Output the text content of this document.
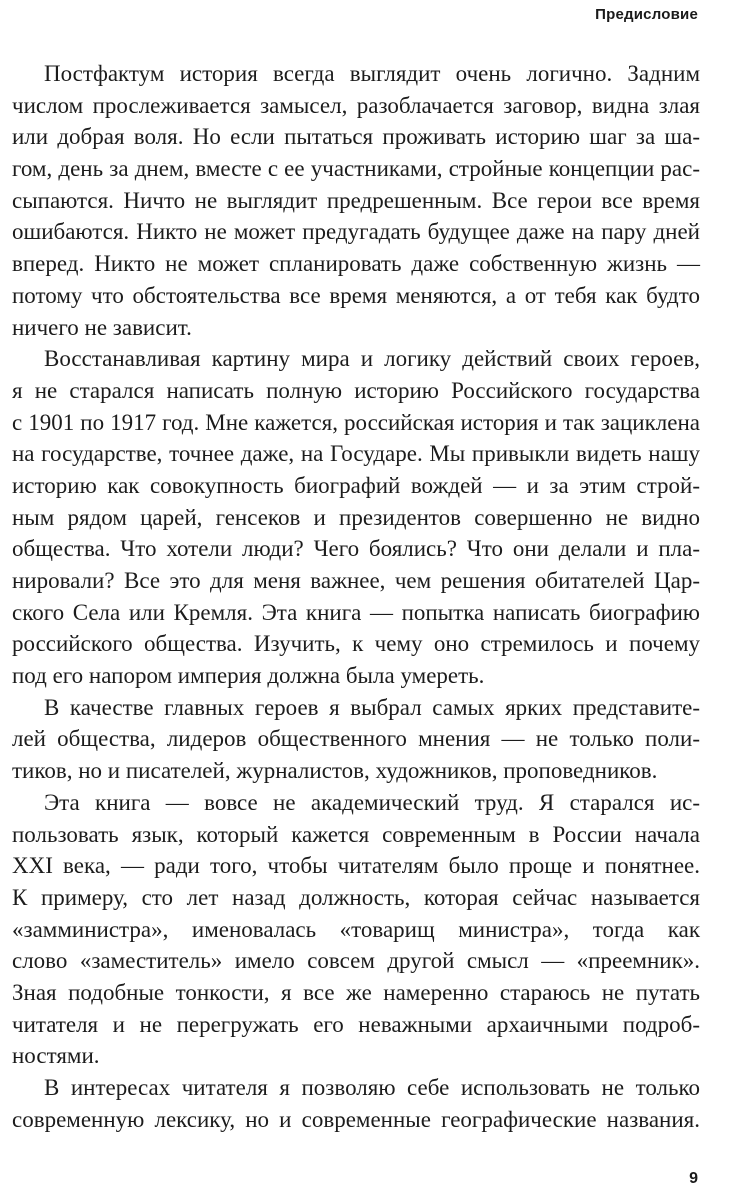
Предисловие
Постфактум история всегда выглядит очень логично. Задним
числом прослеживается замысел, разоблачается заговор, видна злая
или добрая воля. Но если пытаться проживать историю шаг за ша-
гом, день за днем, вместе с ее участниками, стройные концепции рас-
сыпаются. Ничто не выглядит предрешенным. Все герои все время
ошибаются. Никто не может предугадать будущее даже на пару дней
вперед. Никто не может спланировать даже собственную жизнь —
потому что обстоятельства все время меняются, а от тебя как будто
ничего не зависит.
Восстанавливая картину мира и логику действий своих героев,
я не старался написать полную историю Российского государства
с 1901 по 1917 год. Мне кажется, российская история и так зациклена
на государстве, точнее даже, на Государе. Мы привыкли видеть нашу
историю как совокупность биографий вождей — и за этим строй-
ным рядом царей, генсеков и президентов совершенно не видно
общества. Что хотели люди? Чего боялись? Что они делали и пла-
нировали? Все это для меня важнее, чем решения обитателей Цар-
ского Села или Кремля. Эта книга — попытка написать биографию
российского общества. Изучить, к чему оно стремилось и почему
под его напором империя должна была умереть.
В качестве главных героев я выбрал самых ярких представите-
лей общества, лидеров общественного мнения — не только поли-
тиков, но и писателей, журналистов, художников, проповедников.
Эта книга — вовсе не академический труд. Я старался ис-
пользовать язык, который кажется современным в России начала
XXI века, — ради того, чтобы читателям было проще и понятнее.
К примеру, сто лет назад должность, которая сейчас называется
«замминистра», именовалась «товарищ министра», тогда как
слово «заместитель» имело совсем другой смысл — «преемник».
Зная подобные тонкости, я все же намеренно стараюсь не путать
читателя и не перегружать его неважными архаичными подроб-
ностями.
В интересах читателя я позволяю себе использовать не только
современную лексику, но и современные географические названия.
9
